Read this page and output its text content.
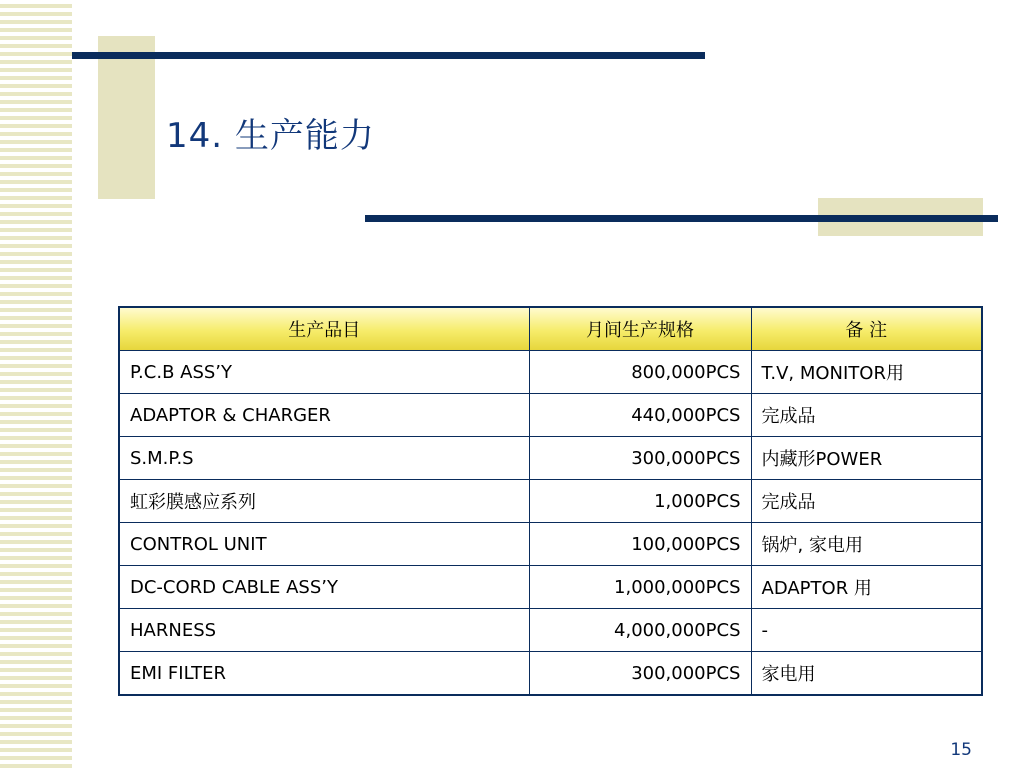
14. 生产能力
生产品目	月间生产规格	备 注
P.C.B ASS’Y	800,000PCS	T.V, MONITOR用
ADAPTOR & CHARGER	440,000PCS	完成品
S.M.P.S	300,000PCS	内藏形POWER
虹彩膜感应系列	1,000PCS	完成品
CONTROL UNIT	100,000PCS	锅炉, 家电用
DC-CORD CABLE ASS’Y	1,000,000PCS	ADAPTOR 用
HARNESS	4,000,000PCS	-
EMI FILTER	300,000PCS	家电用
15
